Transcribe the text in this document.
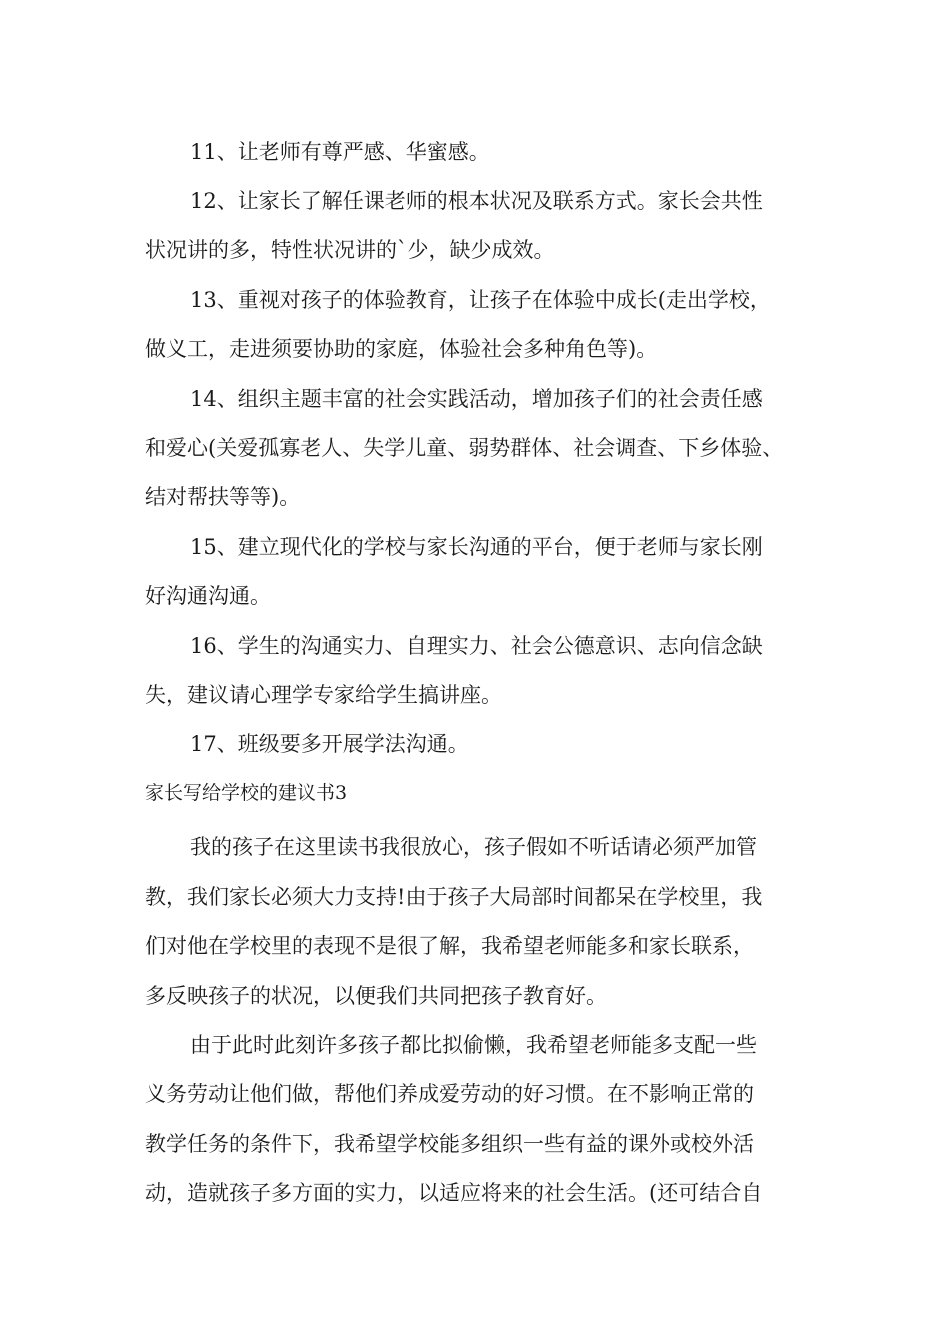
11、让老师有尊严感、华蜜感。

12、让家长了解任课老师的根本状况及联系方式。家长会共性

状况讲的多，特性状况讲的`少，缺少成效。

13、重视对孩子的体验教育，让孩子在体验中成长(走出学校，

做义工，走进须要协助的家庭，体验社会多种角色等)。

14、组织主题丰富的社会实践活动，增加孩子们的社会责任感

和爱心(关爱孤寡老人、失学儿童、弱势群体、社会调查、下乡体验、

结对帮扶等等)。

15、建立现代化的学校与家长沟通的平台，便于老师与家长刚

好沟通沟通。

16、学生的沟通实力、自理实力、社会公德意识、志向信念缺

失，建议请心理学专家给学生搞讲座。

17、班级要多开展学法沟通。

家长写给学校的建议书3

我的孩子在这里读书我很放心，孩子假如不听话请必须严加管

教，我们家长必须大力支持!由于孩子大局部时间都呆在学校里，我

们对他在学校里的表现不是很了解，我希望老师能多和家长联系，

多反映孩子的状况，以便我们共同把孩子教育好。

由于此时此刻许多孩子都比拟偷懒，我希望老师能多支配一些

义务劳动让他们做，帮他们养成爱劳动的好习惯。在不影响正常的

教学任务的条件下，我希望学校能多组织一些有益的课外或校外活

动，造就孩子多方面的实力，以适应将来的社会生活。(还可结合自
